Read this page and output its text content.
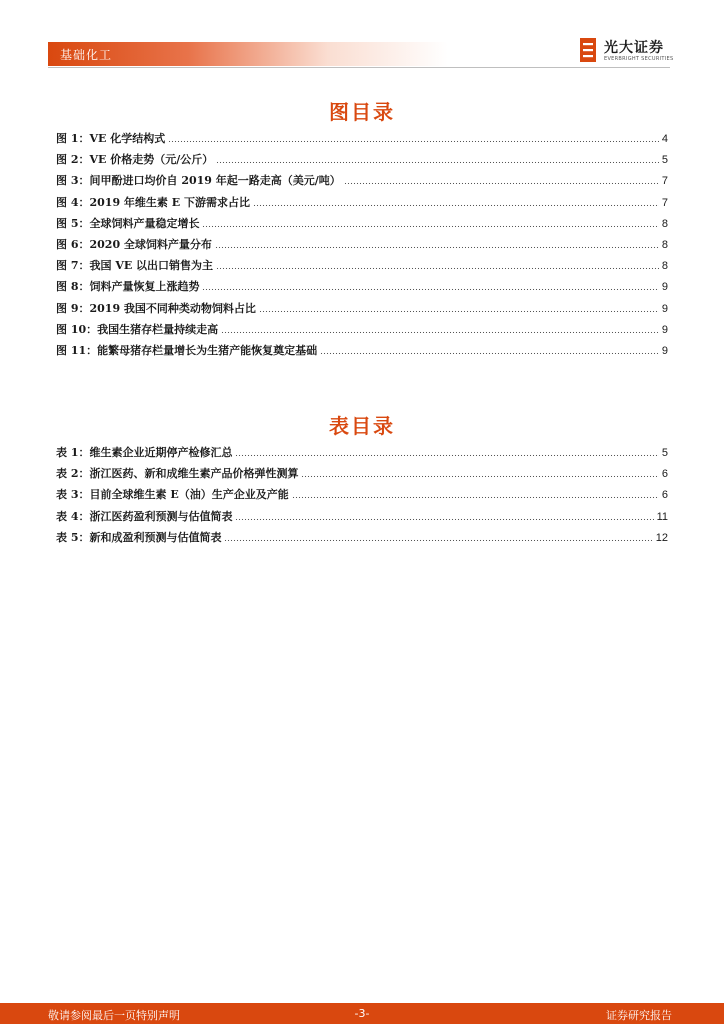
基础化工	光大证券
EVERBRIGHT SECURITIES
图目录
图 1： VE 化学结构式	4
图 2： VE 价格走势（元/公斤）	5
图 3： 间甲酚进口均价自 2019 年起一路走高（美元/吨）	7
图 4： 2019 年维生素 E 下游需求占比	7
图 5： 全球饲料产量稳定增长	8
图 6： 2020 全球饲料产量分布	8
图 7： 我国 VE 以出口销售为主	8
图 8： 饲料产量恢复上涨趋势	9
图 9： 2019 我国不同种类动物饲料占比	9
图 10： 我国生猪存栏量持续走高	9
图 11： 能繁母猪存栏量增长为生猪产能恢复奠定基础	9
表目录
表 1： 维生素企业近期停产检修汇总	5
表 2： 浙江医药、新和成维生素产品价格弹性测算	6
表 3： 目前全球维生素 E（油）生产企业及产能	6
表 4： 浙江医药盈利预测与估值简表	11
表 5： 新和成盈利预测与估值简表	12
敬请参阅最后一页特别声明	-3-	证券研究报告
